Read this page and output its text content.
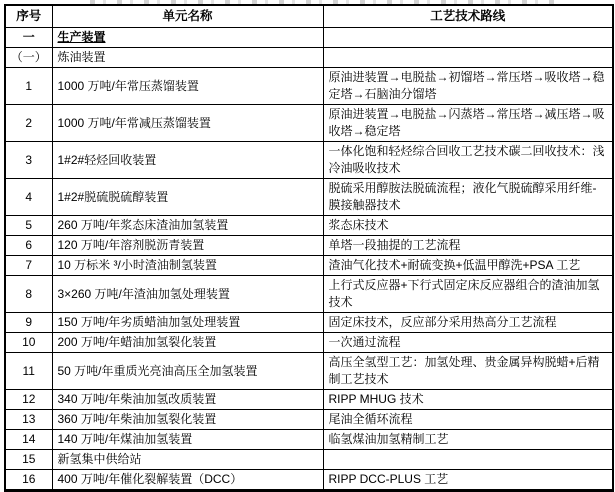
序号	单元名称	工艺技术路线
一	生产装置	
（一）	炼油装置	
1	1000 万吨/年常压蒸馏装置	原油进装置→电脱盐→初馏塔→常压塔→吸收塔→稳定塔→石脑油分馏塔
2	1000 万吨/年常减压蒸馏装置	原油进装置→电脱盐→闪蒸塔→常压塔→减压塔→吸收塔→稳定塔
3	1#2#轻烃回收装置	一体化饱和轻烃综合回收工艺技术碳二回收技术：浅冷油吸收技术
4	1#2#脱硫脱硫醇装置	脱硫采用醇胺法脱硫流程；液化气脱硫醇采用纤维-膜接触器技术
5	260 万吨/年浆态床渣油加氢装置	浆态床技术
6	120 万吨/年溶剂脱沥青装置	单塔一段抽提的工艺流程
7	10 万标米 ³/小时渣油制氢装置	渣油气化技术+耐硫变换+低温甲醇洗+PSA 工艺
8	3×260 万吨/年渣油加氢处理装置	上行式反应器+下行式固定床反应器组合的渣油加氢技术
9	150 万吨/年劣质蜡油加氢处理装置	固定床技术，反应部分采用热高分工艺流程
10	200 万吨/年蜡油加氢裂化装置	一次通过流程
11	50 万吨/年重质光亮油高压全加氢装置	高压全氢型工艺：加氢处理、贵金属异构脱蜡+后精制工艺技术
12	340 万吨/年柴油加氢改质装置	RIPP MHUG 技术
13	360 万吨/年柴油加氢裂化装置	尾油全循环流程
14	140 万吨/年煤油加氢装置	临氢煤油加氢精制工艺
15	新氢集中供给站	
16	400 万吨/年催化裂解装置（DCC）	RIPP DCC-PLUS 工艺
